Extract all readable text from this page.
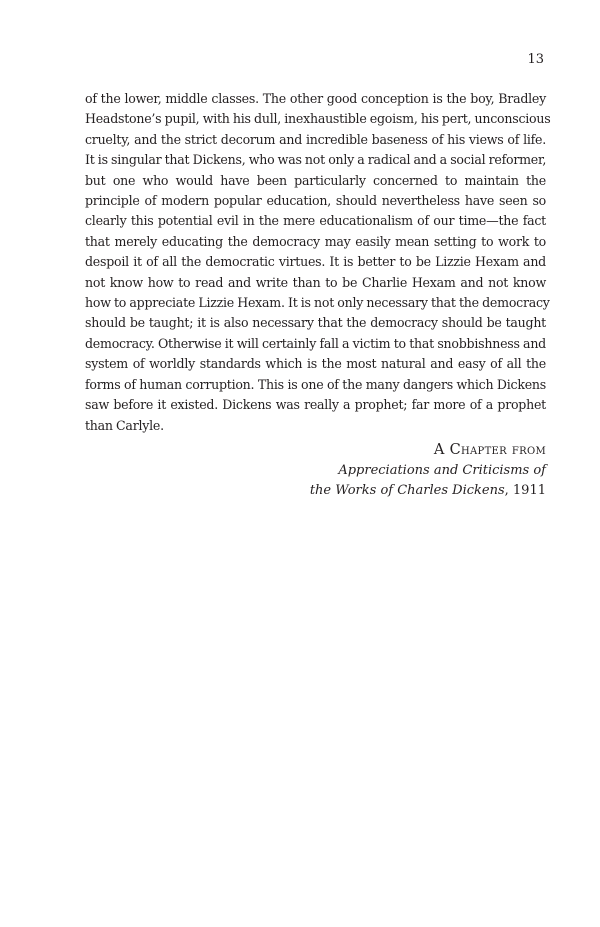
13
of the lower, middle classes. The other good conception is the boy, Bradley
Headstone’s pupil, with his dull, inexhaustible egoism, his pert, unconscious
cruelty, and the strict decorum and incredible baseness of his views of life.
It is singular that Dickens, who was not only a radical and a social reformer,
but one who would have been particularly concerned to maintain the
principle of modern popular education, should nevertheless have seen so
clearly this potential evil in the mere educationalism of our time—the fact
that merely educating the democracy may easily mean setting to work to
despoil it of all the democratic virtues. It is better to be Lizzie Hexam and
not know how to read and write than to be Charlie Hexam and not know
how to appreciate Lizzie Hexam. It is not only necessary that the democracy
should be taught; it is also necessary that the democracy should be taught
democracy. Otherwise it will certainly fall a victim to that snobbishness and
system of worldly standards which is the most natural and easy of all the
forms of human corruption. This is one of the many dangers which Dickens
saw before it existed. Dickens was really a prophet; far more of a prophet
than Carlyle.
A Chapter from
Appreciations and Criticisms of
the Works of Charles Dickens, 1911
